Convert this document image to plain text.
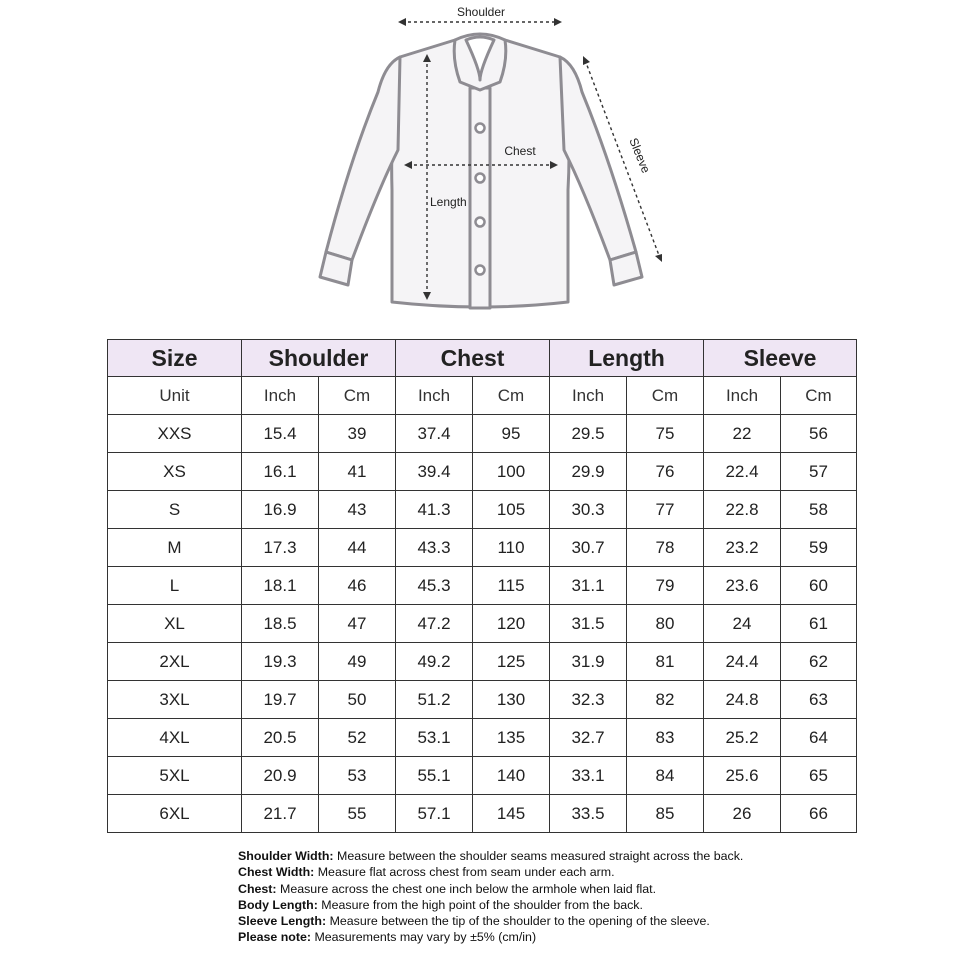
Shoulder
Chest
Length
Sleeve
Size	Shoulder		Chest		Length		Sleeve	
Unit	Inch	Cm	Inch	Cm	Inch	Cm	Inch	Cm
XXS	15.4	39	37.4	95	29.5	75	22	56
XS	16.1	41	39.4	100	29.9	76	22.4	57
S	16.9	43	41.3	105	30.3	77	22.8	58
M	17.3	44	43.3	110	30.7	78	23.2	59
L	18.1	46	45.3	115	31.1	79	23.6	60
XL	18.5	47	47.2	120	31.5	80	24	61
2XL	19.3	49	49.2	125	31.9	81	24.4	62
3XL	19.7	50	51.2	130	32.3	82	24.8	63
4XL	20.5	52	53.1	135	32.7	83	25.2	64
5XL	20.9	53	55.1	140	33.1	84	25.6	65
6XL	21.7	55	57.1	145	33.5	85	26	66
Shoulder Width: Measure between the shoulder seams measured straight across the back.
Chest Width: Measure flat across chest from seam under each arm.
Chest: Measure across the chest one inch below the armhole when laid flat.
Body Length: Measure from the high point of the shoulder from the back.
Sleeve Length: Measure between the tip of the shoulder to the opening of the sleeve.
Please note: Measurements may vary by ±5% (cm/in)
